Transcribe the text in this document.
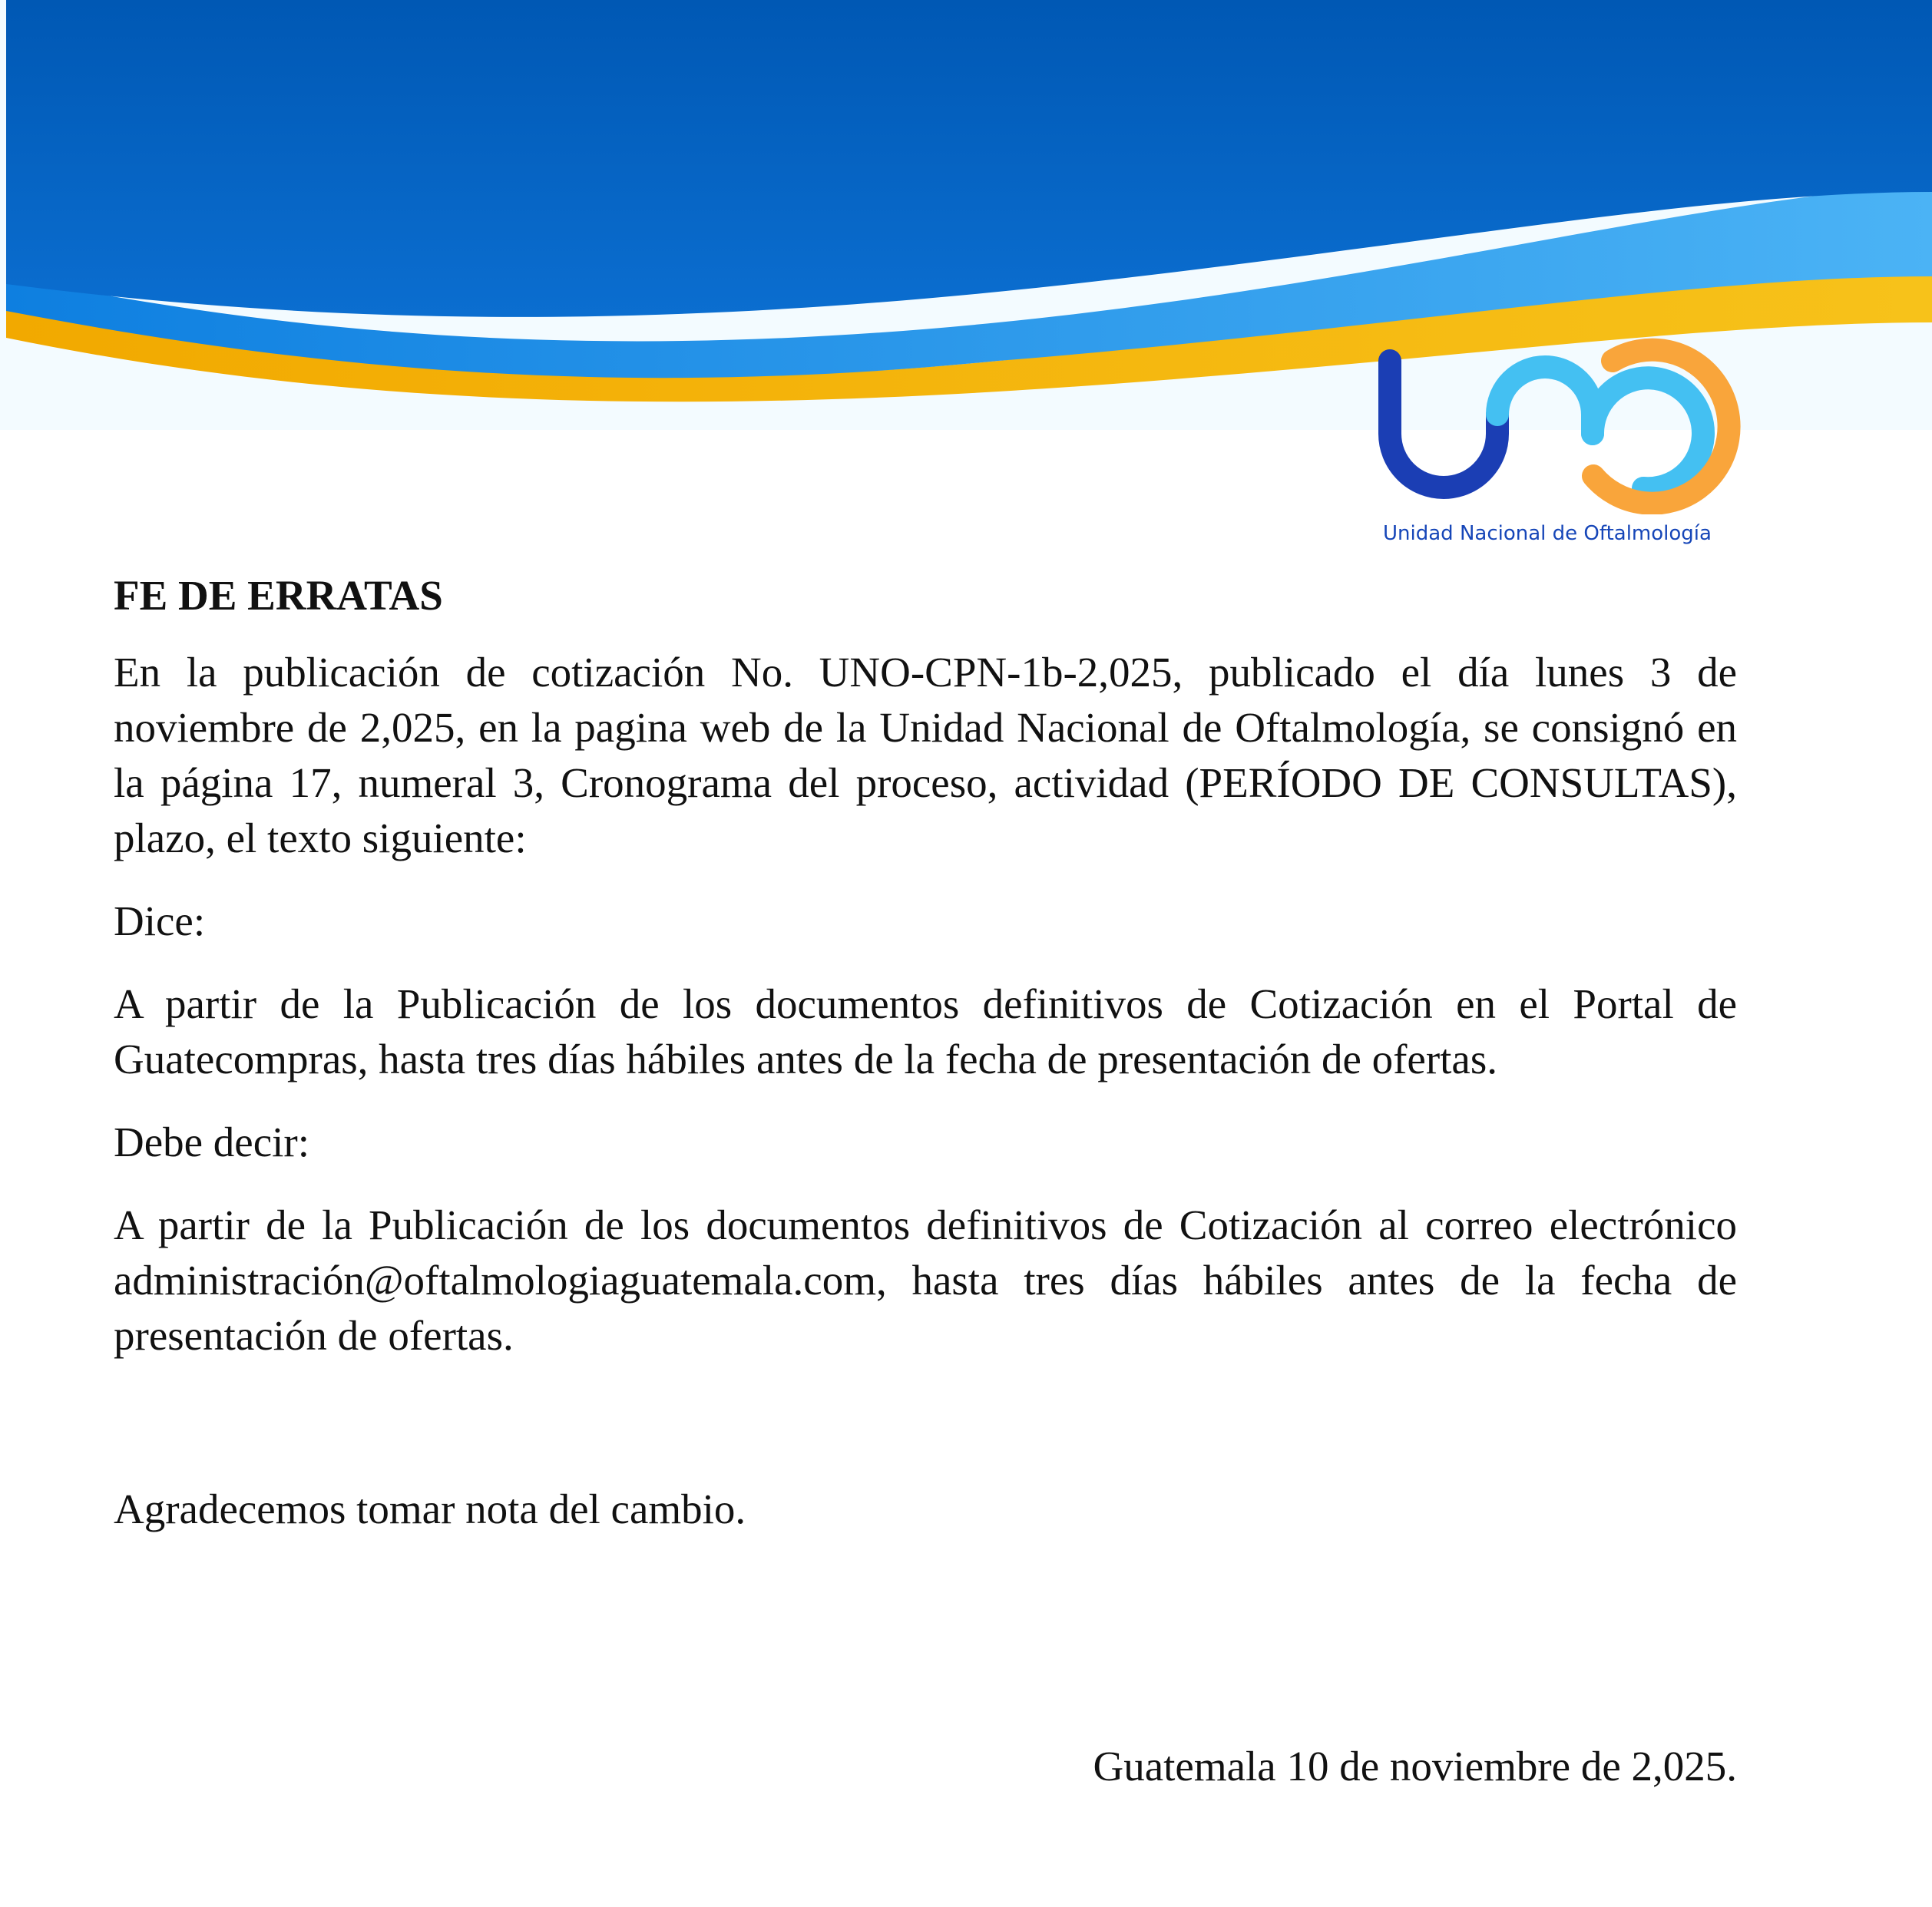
Unidad Nacional de Oftalmología
FE DE ERRATAS
En la publicación de cotización No. UNO-CPN-1b-2,025, publicado el día lunes 3 de noviembre de 2,025, en la pagina web de la Unidad Nacional de Oftalmología, se consignó en la página 17, numeral 3, Cronograma del proceso, actividad (PERÍODO DE CONSULTAS), plazo, el texto siguiente:
Dice:
A partir de la Publicación de los documentos definitivos de Cotización en el Portal de Guatecompras, hasta tres días hábiles antes de la fecha de presentación de ofertas.
Debe decir:
A partir de la Publicación de los documentos definitivos de Cotización al correo electrónico administración@oftalmologiaguatemala.com, hasta tres días hábiles antes de la fecha de presentación de ofertas.
Agradecemos tomar nota del cambio.
Guatemala 10 de noviembre de 2,025.
